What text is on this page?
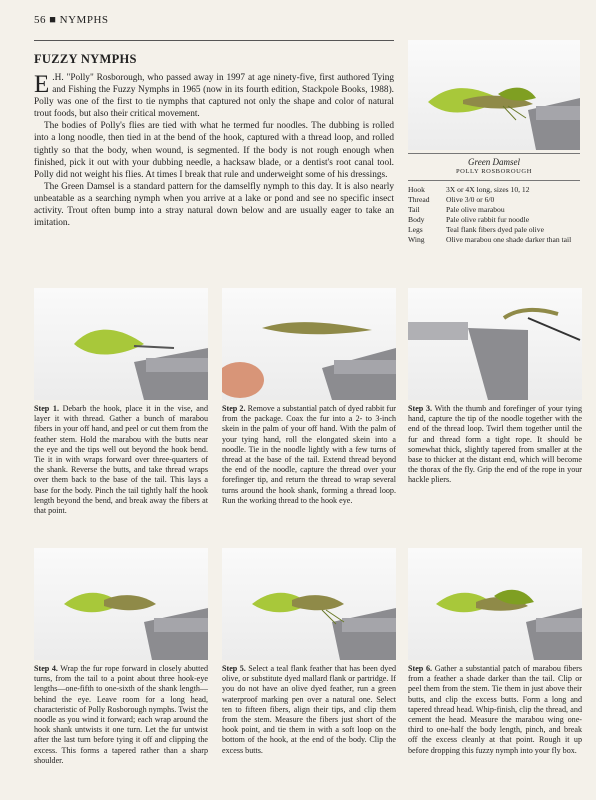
56 ■ NYMPHS
FUZZY NYMPHS

E .H. "Polly" Rosborough, who passed away in 1997 at age ninety-five, first authored Tying and Fishing the Fuzzy Nymphs in 1965 (now in its fourth edition, Stackpole Books, 1988). Polly was one of the first to tie nymphs that captured not only the shape and color of natural trout foods, but also their critical movement.

The bodies of Polly's flies are tied with what he termed fur noodles. The dubbing is rolled into a long noodle, then tied in at the bend of the hook, captured with a thread loop, and rolled tightly so that the body, when wound, is segmented. If the body is not rough enough when finished, pick it out with your dubbing needle, a hacksaw blade, or a dentist's root canal tool. Polly did not weight his flies. At times I break that rule and underweight some of his dressings.

The Green Damsel is a standard pattern for the damselfly nymph to this day. It is also nearly unbeatable as a searching nymph when you arrive at a lake or pond and see no specific insect activity. Trout often bump into a stray natural down below and are usually eager to take an imitation.

Green Damsel
POLLY ROSBOROUGH
Hook	3X or 4X long, sizes 10, 12
Thread	Olive 3/0 or 6/0
Tail	Pale olive marabou
Body	Pale olive rabbit fur noodle
Legs	Teal flank fibers dyed pale olive
Wing	Olive marabou one shade darker than tail
Step 1. Debarb the hook, place it in the vise, and layer it with thread. Gather a bunch of marabou fibers in your off hand, and peel or cut them from the feather stem. Hold the marabou with the butts near the eye and the tips well out beyond the hook bend. Tie it in with wraps forward over three-quarters of the shank. Reverse the butts, and take thread wraps over them back to the base of the tail. This lays a base for the body. Pinch the tail tightly half the hook length beyond the bend, and break away the fibers at that point.
Step 2. Remove a substantial patch of dyed rabbit fur from the package. Coax the fur into a 2- to 3-inch skein in the palm of your off hand. With the palm of your tying hand, roll the elongated skein into a noodle. Tie in the noodle lightly with a few turns of thread at the base of the tail. Extend thread beyond the end of the noodle, capture the thread over your forefinger tip, and return the thread to wrap several turns around the hook shank, forming a thread loop. Run the working thread to the hook eye.
Step 3. With the thumb and forefinger of your tying hand, capture the tip of the noodle together with the end of the thread loop. Twirl them together until the fur and thread form a tight rope. It should be somewhat thick, slightly tapered from smaller at the base to thicker at the distant end, which will become the thorax of the fly. Grip the end of the rope in your hackle pliers.
Step 4. Wrap the fur rope forward in closely abutted turns, from the tail to a point about three hook-eye lengths—one-fifth to one-sixth of the shank length—behind the eye. Leave room for a long head, characteristic of Polly Rosborough nymphs. Twist the noodle as you wind it forward; each wrap around the hook shank untwists it one turn. Let the fur untwist after the last turn before tying it off and clipping the excess. This forms a tapered rather than a sharp shoulder.
Step 5. Select a teal flank feather that has been dyed olive, or substitute dyed mallard flank or partridge. If you do not have an olive dyed feather, run a green waterproof marking pen over a natural one. Select ten to fifteen fibers, align their tips, and clip them from the stem. Measure the fibers just short of the hook point, and tie them in with a soft loop on the bottom of the hook, at the end of the body. Clip the excess butts.
Step 6. Gather a substantial patch of marabou fibers from a feather a shade darker than the tail. Clip or peel them from the stem. Tie them in just above their butts, and clip the excess butts. Form a long and tapered thread head. Whip-finish, clip the thread, and cement the head. Measure the marabou wing one-third to one-half the body length, pinch, and break off the excess cleanly at that point. Rough it up before dropping this fuzzy nymph into your fly box.
